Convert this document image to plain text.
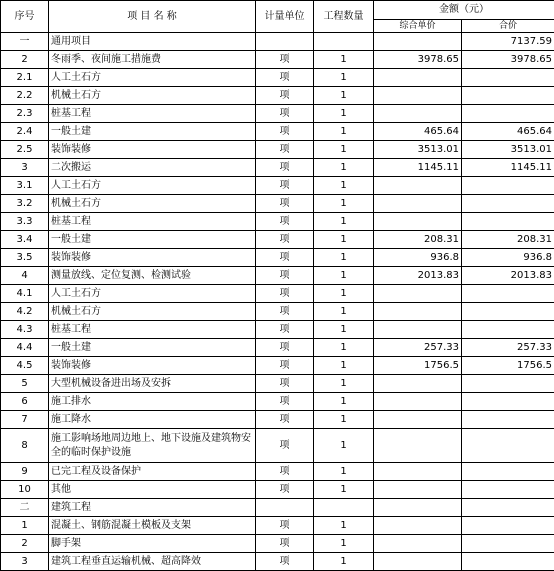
序号	项 目 名 称	计量单位	工程数量	金额（元）	
				综合单价	合价
一	通用项目				7137.59
2	冬雨季、夜间施工措施费	项	1	3978.65	3978.65
2.1	人工土石方	项	1		
2.2	机械土石方	项	1		
2.3	桩基工程	项	1		
2.4	一般土建	项	1	465.64	465.64
2.5	装饰装修	项	1	3513.01	3513.01
3	二次搬运	项	1	1145.11	1145.11
3.1	人工土石方	项	1		
3.2	机械土石方	项	1		
3.3	桩基工程	项	1		
3.4	一般土建	项	1	208.31	208.31
3.5	装饰装修	项	1	936.8	936.8
4	测量放线、定位复测、检测试验	项	1	2013.83	2013.83
4.1	人工土石方	项	1		
4.2	机械土石方	项	1		
4.3	桩基工程	项	1		
4.4	一般土建	项	1	257.33	257.33
4.5	装饰装修	项	1	1756.5	1756.5
5	大型机械设备进出场及安拆	项	1		
6	施工排水	项	1		
7	施工降水	项	1		
8	施工影响场地周边地上、地下设施及建筑物安全的临时保护设施	项	1		
9	已完工程及设备保护	项	1		
10	其他	项	1		
二	建筑工程				
1	混凝土、钢筋混凝土模板及支架	项	1		
2	脚手架	项	1		
3	建筑工程垂直运输机械、超高降效	项	1		
